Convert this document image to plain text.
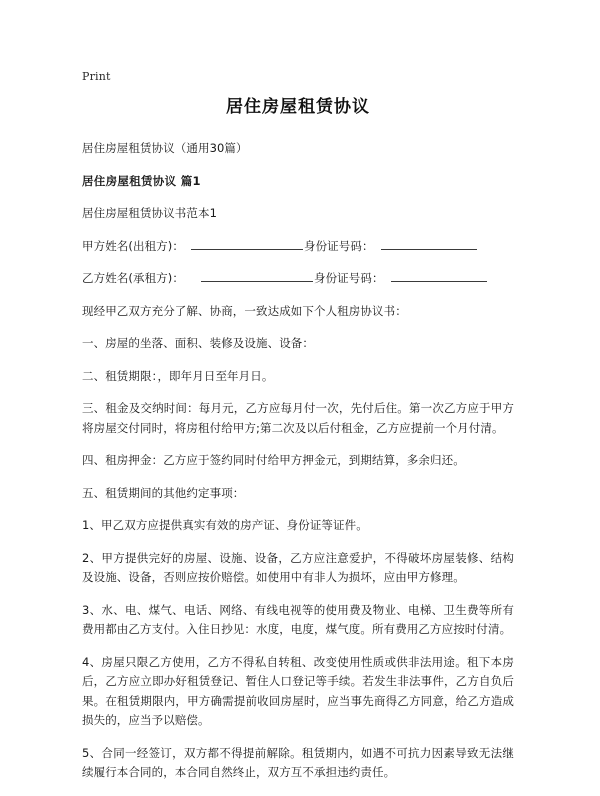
Print
居住房屋租赁协议

居住房屋租赁协议（通用30篇）

居住房屋租赁协议 篇1

居住房屋租赁协议书范本1

甲方姓名(出租方)：	身份证号码：
乙方姓名(承租方)：	身份证号码：

现经甲乙双方充分了解、协商，一致达成如下个人租房协议书：

一、房屋的坐落、面积、装修及设施、设备：

二、租赁期限：，即年月日至年月日。

三、租金及交纳时间：每月元，乙方应每月付一次，先付后住。第一次乙方应于甲方将房屋交付同时，将房租付给甲方;第二次及以后付租金，乙方应提前一个月付清。

四、租房押金：乙方应于签约同时付给甲方押金元，到期结算，多余归还。

五、租赁期间的其他约定事项：

1、甲乙双方应提供真实有效的房产证、身份证等证件。

2、甲方提供完好的房屋、设施、设备，乙方应注意爱护，不得破坏房屋装修、结构及设施、设备，否则应按价赔偿。如使用中有非人为损坏，应由甲方修理。

3、水、电、煤气、电话、网络、有线电视等的使用费及物业、电梯、卫生费等所有费用都由乙方支付。入住日抄见：水度，电度，煤气度。所有费用乙方应按时付清。

4、房屋只限乙方使用，乙方不得私自转租、改变使用性质或供非法用途。租下本房后，乙方应立即办好租赁登记、暂住人口登记等手续。若发生非法事件，乙方自负后果。在租赁期限内，甲方确需提前收回房屋时，应当事先商得乙方同意，给乙方造成损失的，应当予以赔偿。

5、合同一经签订，双方都不得提前解除。租赁期内，如遇不可抗力因素导致无法继续履行本合同的，本合同自然终止，双方互不承担违约责任。
